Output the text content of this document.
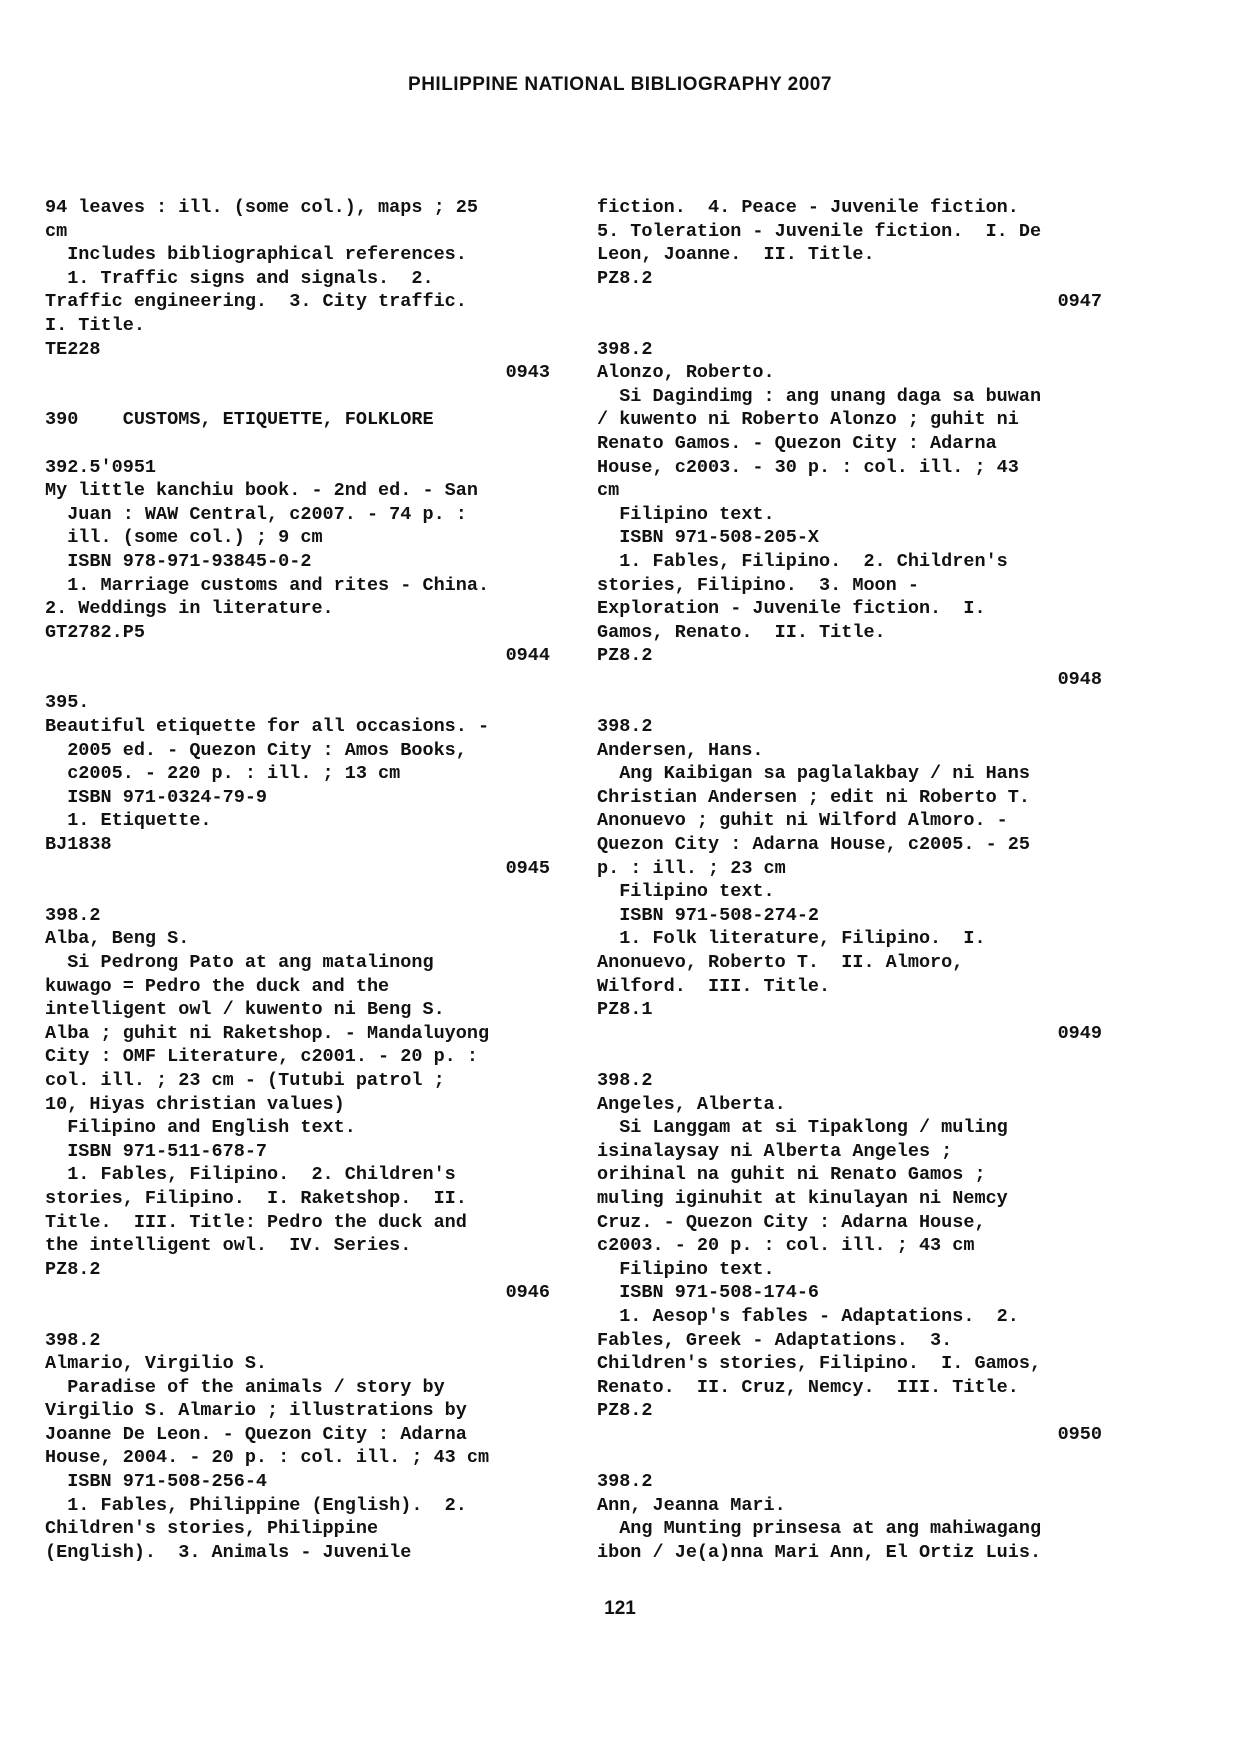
PHILIPPINE NATIONAL BIBLIOGRAPHY 2007
94 leaves : ill. (some col.), maps ; 25
cm
Includes bibliographical references.
1. Traffic signs and signals.  2.
Traffic engineering.  3. City traffic.
I. Title.
TE228
0943
390    CUSTOMS, ETIQUETTE, FOLKLORE
392.5'0951
My little kanchiu book. - 2nd ed. - San
Juan : WAW Central, c2007. - 74 p. :
ill. (some col.) ; 9 cm
ISBN 978-971-93845-0-2
1. Marriage customs and rites - China.
2. Weddings in literature.
GT2782.P5
0944
395.
Beautiful etiquette for all occasions. -
2005 ed. - Quezon City : Amos Books,
c2005. - 220 p. : ill. ; 13 cm
ISBN 971-0324-79-9
1. Etiquette.
BJ1838
0945
398.2
Alba, Beng S.
Si Pedrong Pato at ang matalinong
kuwago = Pedro the duck and the
intelligent owl / kuwento ni Beng S.
Alba ; guhit ni Raketshop. - Mandaluyong
City : OMF Literature, c2001. - 20 p. :
col. ill. ; 23 cm - (Tutubi patrol ;
10, Hiyas christian values)
Filipino and English text.
ISBN 971-511-678-7
1. Fables, Filipino.  2. Children's
stories, Filipino.  I. Raketshop.  II.
Title.  III. Title: Pedro the duck and
the intelligent owl.  IV. Series.
PZ8.2
0946
398.2
Almario, Virgilio S.
Paradise of the animals / story by
Virgilio S. Almario ; illustrations by
Joanne De Leon. - Quezon City : Adarna
House, 2004. - 20 p. : col. ill. ; 43 cm
ISBN 971-508-256-4
1. Fables, Philippine (English).  2.
Children's stories, Philippine
(English).  3. Animals - Juvenile
fiction.  4. Peace - Juvenile fiction.
5. Toleration - Juvenile fiction.  I. De
Leon, Joanne.  II. Title.
PZ8.2
0947
398.2
Alonzo, Roberto.
Si Dagindimg : ang unang daga sa buwan
/ kuwento ni Roberto Alonzo ; guhit ni
Renato Gamos. - Quezon City : Adarna
House, c2003. - 30 p. : col. ill. ; 43
cm
Filipino text.
ISBN 971-508-205-X
1. Fables, Filipino.  2. Children's
stories, Filipino.  3. Moon -
Exploration - Juvenile fiction.  I.
Gamos, Renato.  II. Title.
PZ8.2
0948
398.2
Andersen, Hans.
Ang Kaibigan sa paglalakbay / ni Hans
Christian Andersen ; edit ni Roberto T.
Anonuevo ; guhit ni Wilford Almoro. -
Quezon City : Adarna House, c2005. - 25
p. : ill. ; 23 cm
Filipino text.
ISBN 971-508-274-2
1. Folk literature, Filipino.  I.
Anonuevo, Roberto T.  II. Almoro,
Wilford.  III. Title.
PZ8.1
0949
398.2
Angeles, Alberta.
Si Langgam at si Tipaklong / muling
isinalaysay ni Alberta Angeles ;
orihinal na guhit ni Renato Gamos ;
muling iginuhit at kinulayan ni Nemcy
Cruz. - Quezon City : Adarna House,
c2003. - 20 p. : col. ill. ; 43 cm
Filipino text.
ISBN 971-508-174-6
1. Aesop's fables - Adaptations.  2.
Fables, Greek - Adaptations.  3.
Children's stories, Filipino.  I. Gamos,
Renato.  II. Cruz, Nemcy.  III. Title.
PZ8.2
0950
398.2
Ann, Jeanna Mari.
Ang Munting prinsesa at ang mahiwagang
ibon / Je(a)nna Mari Ann, El Ortiz Luis.
121
